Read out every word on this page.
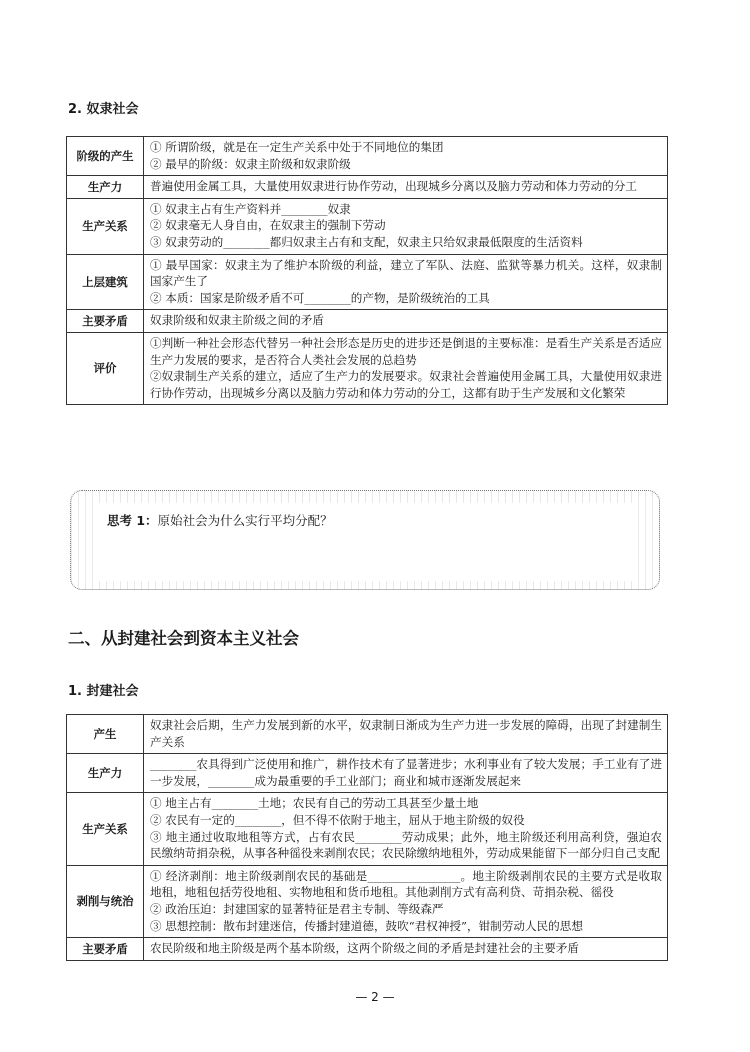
2. 奴隶社会
阶级的产生	① 所谓阶级，就是在一定生产关系中处于不同地位的集团
② 最早的阶级：奴隶主阶级和奴隶阶级

生产力	普遍使用金属工具，大量使用奴隶进行协作劳动，出现城乡分离以及脑力劳动和体力劳动的分工

生产关系	① 奴隶主占有生产资料并________奴隶
② 奴隶毫无人身自由，在奴隶主的强制下劳动
③ 奴隶劳动的________都归奴隶主占有和支配，奴隶主只给奴隶最低限度的生活资料

上层建筑	① 最早国家：奴隶主为了维护本阶级的利益，建立了军队、法庭、监狱等暴力机关。这样，奴隶制国家产生了
② 本质：国家是阶级矛盾不可________的产物，是阶级统治的工具

主要矛盾	奴隶阶级和奴隶主阶级之间的矛盾

评价	①判断一种社会形态代替另一种社会形态是历史的进步还是倒退的主要标准：是看生产关系是否适应生产力发展的要求，是否符合人类社会发展的总趋势
②奴隶制生产关系的建立，适应了生产力的发展要求。奴隶社会普遍使用金属工具，大量使用奴隶进行协作劳动，出现城乡分离以及脑力劳动和体力劳动的分工，这都有助于生产发展和文化繁荣
思考 1：原始社会为什么实行平均分配？
二、从封建社会到资本主义社会
1. 封建社会
产生	奴隶社会后期，生产力发展到新的水平，奴隶制日渐成为生产力进一步发展的障碍，出现了封建制生产关系

生产力	________农具得到广泛使用和推广，耕作技术有了显著进步；水利事业有了较大发展；手工业有了进一步发展，________成为最重要的手工业部门；商业和城市逐渐发展起来

生产关系	① 地主占有________土地；农民有自己的劳动工具甚至少量土地
② 农民有一定的________，但不得不依附于地主，屈从于地主阶级的奴役
③ 地主通过收取地租等方式，占有农民________劳动成果；此外，地主阶级还利用高利贷，强迫农民缴纳苛捐杂税，从事各种徭役来剥削农民；农民除缴纳地租外，劳动成果能留下一部分归自己支配

剥削与统治	① 经济剥削：地主阶级剥削农民的基础是________________。地主阶级剥削农民的主要方式是收取地租，地租包括劳役地租、实物地租和货币地租。其他剥削方式有高利贷、苛捐杂税、徭役
② 政治压迫：封建国家的显著特征是君主专制、等级森严
③ 思想控制：散布封建迷信，传播封建道德，鼓吹“君权神授”，钳制劳动人民的思想

主要矛盾	农民阶级和地主阶级是两个基本阶级，这两个阶级之间的矛盾是封建社会的主要矛盾
— 2 —
